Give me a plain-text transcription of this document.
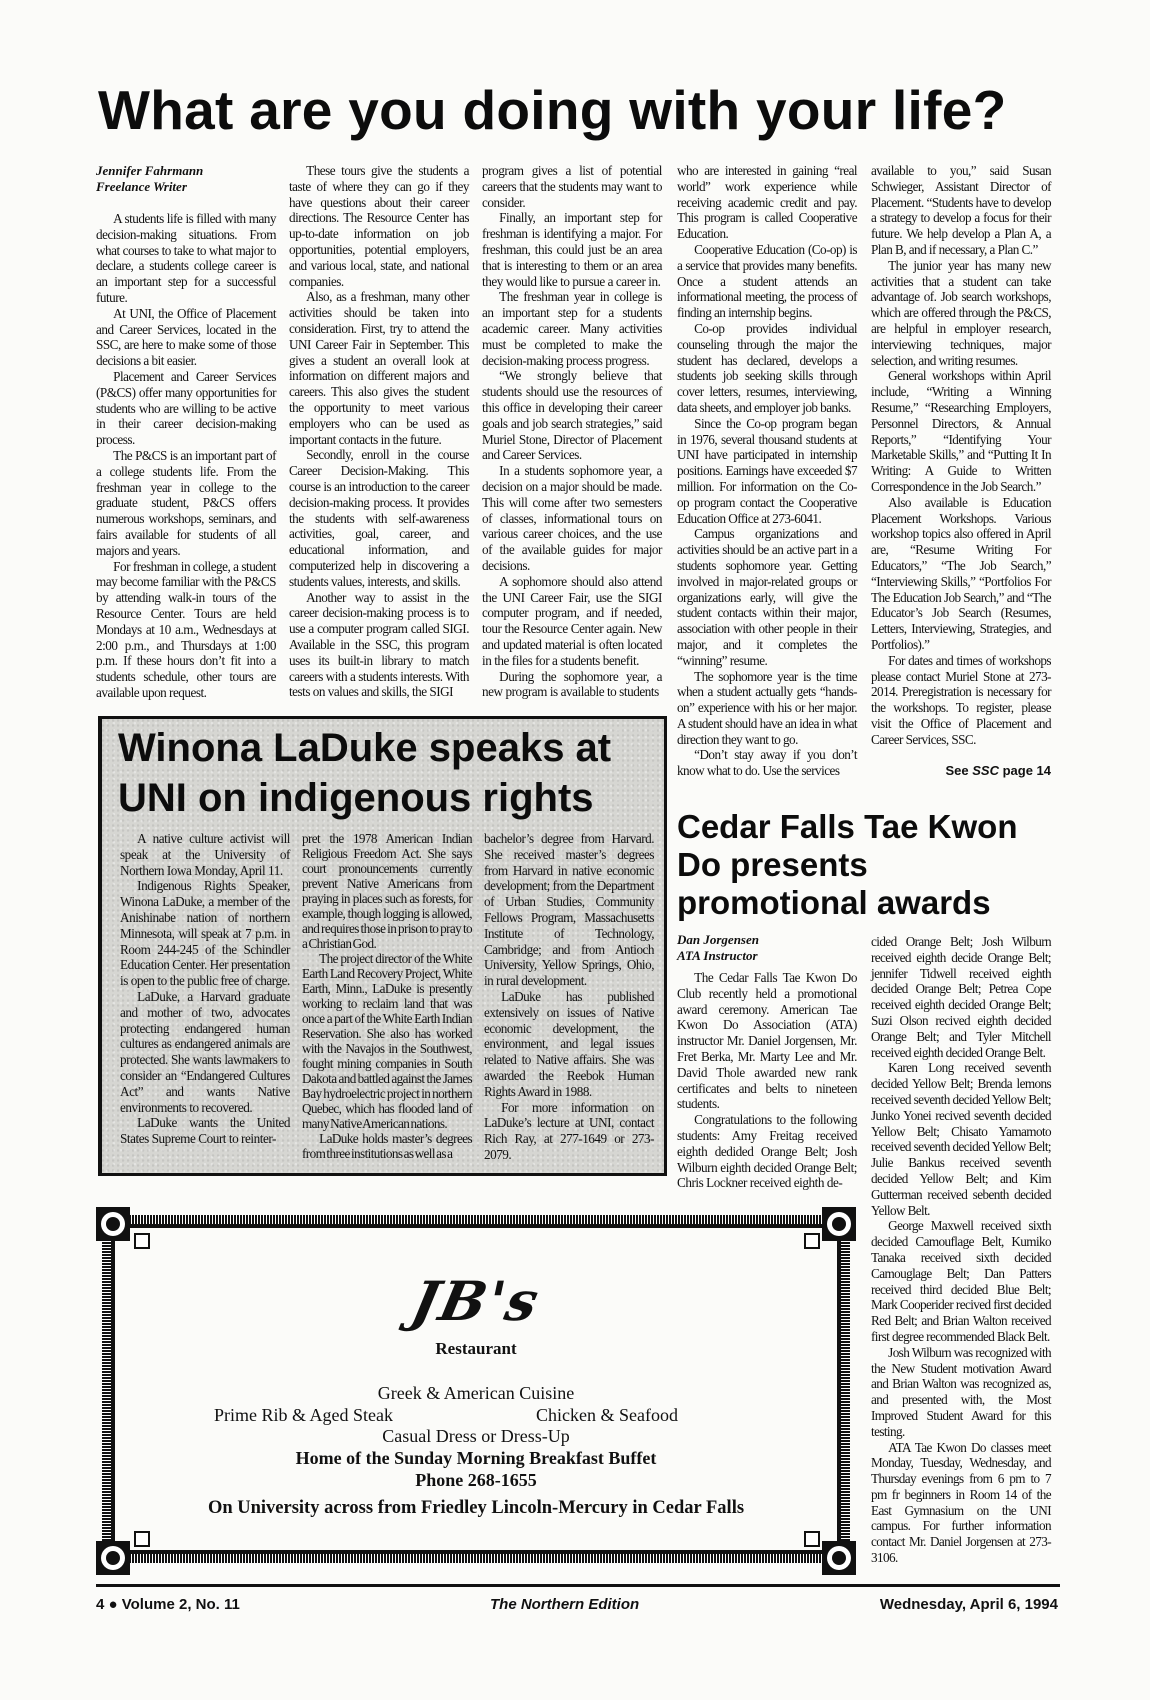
What are you doing with your life?
Jennifer Fahrmann
Freelance Writer

A students life is filled with many decision-making situations. From what courses to take to what major to declare, a students college career is an important step for a successful future.

At UNI, the Office of Placement and Career Services, located in the SSC, are here to make some of those decisions a bit easier.

Placement and Career Services (P&CS) offer many opportunities for students who are willing to be active in their career decision-making process.

The P&CS is an important part of a college students life. From the freshman year in college to the graduate student, P&CS offers numerous workshops, seminars, and fairs available for students of all majors and years.

For freshman in college, a student may become familiar with the P&CS by attending walk-in tours of the Resource Center. Tours are held Mondays at 10 a.m., Wednesdays at 2:00 p.m., and Thursdays at 1:00 p.m. If these hours don’t fit into a students schedule, other tours are available upon request.

These tours give the students a taste of where they can go if they have questions about their career directions. The Resource Center has up-to-date information on job opportunities, potential employers, and various local, state, and national companies.

Also, as a freshman, many other activities should be taken into consideration. First, try to attend the UNI Career Fair in September. This gives a student an overall look at information on different majors and careers. This also gives the student the opportunity to meet various employers who can be used as important contacts in the future.

Secondly, enroll in the course Career Decision-Making. This course is an introduction to the career decision-making process. It provides the students with self-awareness activities, goal, career, and educational information, and computerized help in discovering a students values, interests, and skills.

Another way to assist in the career decision-making process is to use a computer program called SIGI. Available in the SSC, this program uses its built-in library to match careers with a students interests. With tests on values and skills, the SIGI

program gives a list of potential careers that the students may want to consider.

Finally, an important step for freshman is identifying a major. For freshman, this could just be an area that is interesting to them or an area they would like to pursue a career in.

The freshman year in college is an important step for a students academic career. Many activities must be completed to make the decision-making process progress.

“We strongly believe that students should use the resources of this office in developing their career goals and job search strategies,” said Muriel Stone, Director of Placement and Career Services.

In a students sophomore year, a decision on a major should be made. This will come after two semesters of classes, informational tours on various career choices, and the use of the available guides for major decisions.

A sophomore should also attend the UNI Career Fair, use the SIGI computer program, and if needed, tour the Resource Center again. New and updated material is often located in the files for a students benefit.

During the sophomore year, a new program is available to students

who are interested in gaining “real world” work experience while receiving academic credit and pay. This program is called Cooperative Education.

Cooperative Education (Co-op) is a service that provides many benefits. Once a student attends an informational meeting, the process of finding an internship begins.

Co-op provides individual counseling through the major the student has declared, develops a students job seeking skills through cover letters, resumes, interviewing, data sheets, and employer job banks.

Since the Co-op program began in 1976, several thousand students at UNI have participated in internship positions. Earnings have exceeded $7 million. For information on the Co-op program contact the Cooperative Education Office at 273-6041.

Campus organizations and activities should be an active part in a students sophomore year. Getting involved in major-related groups or organizations early, will give the student contacts within their major, association with other people in their major, and it completes the “winning” resume.

The sophomore year is the time when a student actually gets “hands-on” experience with his or her major. A student should have an idea in what direction they want to go.

“Don’t stay away if you don’t know what to do. Use the services

available to you,” said Susan Schwieger, Assistant Director of Placement. “Students have to develop a strategy to develop a focus for their future. We help develop a Plan A, a Plan B, and if necessary, a Plan C.”

The junior year has many new activities that a student can take advantage of. Job search workshops, which are offered through the P&CS, are helpful in employer research, interviewing techniques, major selection, and writing resumes.

General workshops within April include, “Writing a Winning Resume,” “Researching Employers, Personnel Directors, & Annual Reports,” “Identifying Your Marketable Skills,” and “Putting It In Writing: A Guide to Written Correspondence in the Job Search.”

Also available is Education Placement Workshops. Various workshop topics also offered in April are, “Resume Writing For Educators,” “The Job Search,” “Interviewing Skills,” “Portfolios For The Education Job Search,” and “The Educator’s Job Search (Resumes, Letters, Interviewing, Strategies, and Portfolios).”

For dates and times of workshops please contact Muriel Stone at 273-2014. Preregistration is necessary for the workshops. To register, please visit the Office of Placement and Career Services, SSC.

See SSC page 14
Winona LaDuke speaks at
UNI on indigenous rights

A native culture activist will speak at the University of Northern Iowa Monday, April 11.

Indigenous Rights Speaker, Winona LaDuke, a member of the Anishinabe nation of northern Minnesota, will speak at 7 p.m. in Room 244-245 of the Schindler Education Center. Her presentation is open to the public free of charge.

LaDuke, a Harvard graduate and mother of two, advocates protecting endangered human cultures as endangered animals are protected. She wants lawmakers to consider an “Endangered Cultures Act” and wants Native environments to recovered.

LaDuke wants the United States Supreme Court to reinter-

pret the 1978 American Indian Religious Freedom Act. She says court pronouncements currently prevent Native Americans from praying in places such as forests, for example, though logging is allowed, and requires those in prison to pray to a Christian God.

The project director of the White Earth Land Recovery Project, White Earth, Minn., LaDuke is presently working to reclaim land that was once a part of the White Earth Indian Reservation. She also has worked with the Navajos in the Southwest, fought mining companies in South Dakota and battled against the James Bay hydroelectric project in northern Quebec, which has flooded land of many Native American nations.

LaDuke holds master’s degrees from three institutions as well as a

bachelor’s degree from Harvard. She received master’s degrees from Harvard in native economic development; from the Department of Urban Studies, Community Fellows Program, Massachusetts Institute of Technology, Cambridge; and from Antioch University, Yellow Springs, Ohio, in rural development.

LaDuke has published extensively on issues of Native economic development, the environment, and legal issues related to Native affairs. She was awarded the Reebok Human Rights Award in 1988.

For more information on LaDuke’s lecture at UNI, contact Rich Ray, at 277-1649 or 273-2079.

Cedar Falls Tae Kwon
Do presents
promotional awards
Dan Jorgensen
ATA Instructor

The Cedar Falls Tae Kwon Do Club recently held a promotional award ceremony. American Tae Kwon Do Association (ATA) instructor Mr. Daniel Jorgensen, Mr. Fret Berka, Mr. Marty Lee and Mr. David Thole awarded new rank certificates and belts to nineteen students.

Congratulations to the following students: Amy Freitag received eighth dedided Orange Belt; Josh Wilburn eighth decided Orange Belt; Chris Lockner received eighth de-

cided Orange Belt; Josh Wilburn received eighth decide Orange Belt; jennifer Tidwell received eighth decided Orange Belt; Petrea Cope received eighth decided Orange Belt; Suzi Olson recived eighth decided Orange Belt; and Tyler Mitchell received eighth decided Orange Belt.

Karen Long received seventh decided Yellow Belt; Brenda lemons received seventh decided Yellow Belt; Junko Yonei recived seventh decided Yellow Belt; Chisato Yamamoto received seventh decided Yellow Belt; Julie Bankus received seventh decided Yellow Belt; and Kim Gutterman received sebenth decided Yellow Belt.

George Maxwell received sixth decided Camouflage Belt, Kumiko Tanaka received sixth decided Camouglage Belt; Dan Patters received third decided Blue Belt; Mark Cooperider recived first decided Red Belt; and Brian Walton received first degree recommended Black Belt.

Josh Wilburn was recognized with the New Student motivation Award and Brian Walton was recognized as, and presented with, the Most Improved Student Award for this testing.

ATA Tae Kwon Do classes meet Monday, Tuesday, Wednesday, and Thursday evenings from 6 pm to 7 pm fr beginners in Room 14 of the East Gymnasium on the UNI campus. For further information contact Mr. Daniel Jorgensen at 273-3106.

JB's
Restaurant
Greek & American Cuisine
Prime Rib & Aged Steak	Chicken & Seafood
Casual Dress or Dress-Up
Home of the Sunday Morning Breakfast Buffet
Phone 268-1655
On University across from Friedley Lincoln-Mercury in Cedar Falls
4 ● Volume 2, No. 11	The Northern Edition	Wednesday, April 6, 1994
